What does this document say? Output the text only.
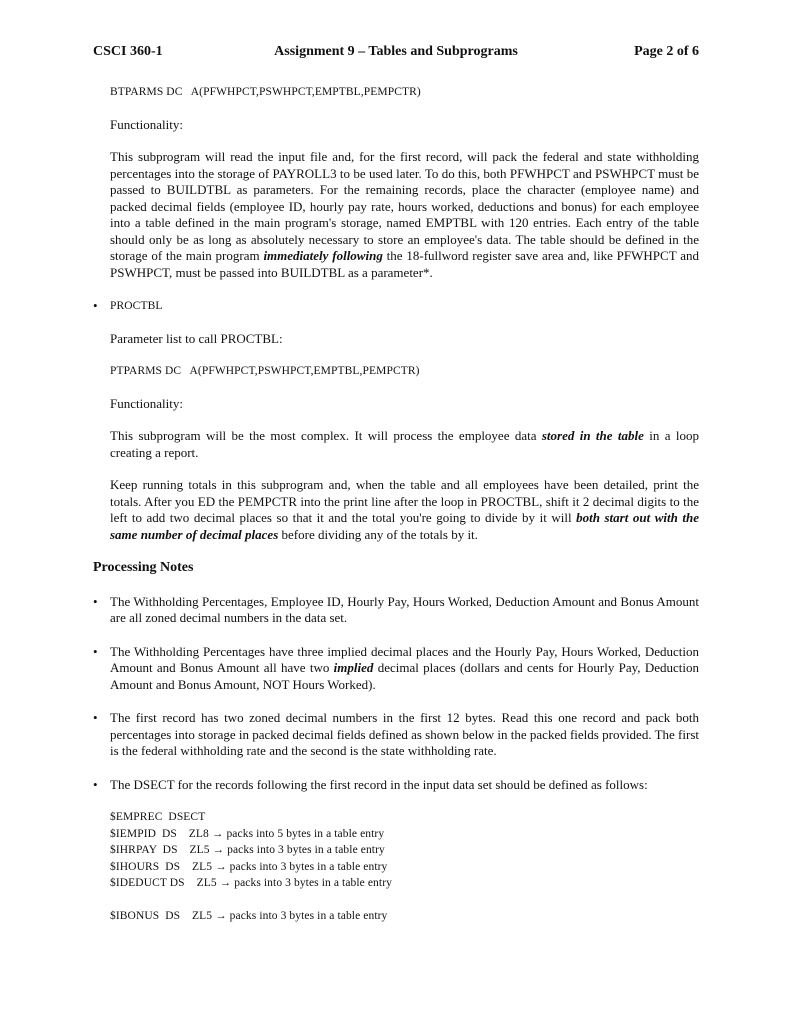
CSCI 360-1	Assignment 9 – Tables and Subprograms	Page 2 of 6

BTPARMS DC   A(PFWHPCT,PSWHPCT,EMPTBL,PEMPCTR)

Functionality:

This subprogram will read the input file and, for the first record, will pack the federal and state withholding percentages into the storage of PAYROLL3 to be used later. To do this, both PFWHPCT and PSWHPCT must be passed to BUILDTBL as parameters. For the remaining records, place the character (employee name) and packed decimal fields (employee ID, hourly pay rate, hours worked, deductions and bonus) for each employee into a table defined in the main program's storage, named EMPTBL with 120 entries. Each entry of the table should only be as long as absolutely necessary to store an employee's data. The table should be defined in the storage of the main program immediately following the 18-fullword register save area and, like PFWHPCT and PSWHPCT, must be passed into BUILDTBL as a parameter*.

• PROCTBL

Parameter list to call PROCTBL:

PTPARMS DC   A(PFWHPCT,PSWHPCT,EMPTBL,PEMPCTR)

Functionality:

This subprogram will be the most complex. It will process the employee data stored in the table in a loop creating a report.

Keep running totals in this subprogram and, when the table and all employees have been detailed, print the totals. After you ED the PEMPCTR into the print line after the loop in PROCTBL, shift it 2 decimal digits to the left to add two decimal places so that it and the total you're going to divide by it will both start out with the same number of decimal places before dividing any of the totals by it.

Processing Notes

• The Withholding Percentages, Employee ID, Hourly Pay, Hours Worked, Deduction Amount and Bonus Amount are all zoned decimal numbers in the data set.

• The Withholding Percentages have three implied decimal places and the Hourly Pay, Hours Worked, Deduction Amount and Bonus Amount all have two implied decimal places (dollars and cents for Hourly Pay, Deduction Amount and Bonus Amount, NOT Hours Worked).

• The first record has two zoned decimal numbers in the first 12 bytes. Read this one record and pack both percentages into storage in packed decimal fields defined as shown below in the packed fields provided. The first is the federal withholding rate and the second is the state withholding rate.

• The DSECT for the records following the first record in the input data set should be defined as follows:

$EMPREC  DSECT

$IEMPID  DS    ZL8 → packs into 5 bytes in a table entry

$IHRPAY  DS    ZL5 → packs into 3 bytes in a table entry

$IHOURS  DS    ZL5 → packs into 3 bytes in a table entry

$IDEDUCT DS    ZL5 → packs into 3 bytes in a table entry

$IBONUS  DS    ZL5 → packs into 3 bytes in a table entry
